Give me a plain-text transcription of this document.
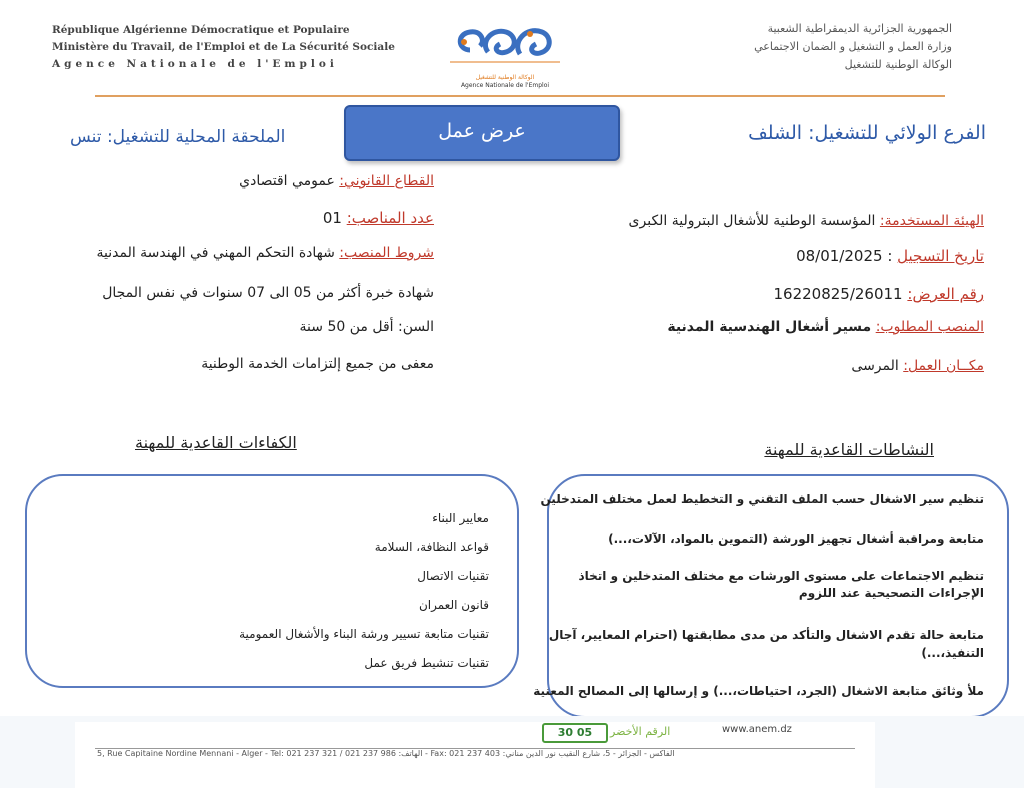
République Algérienne Démocratique et Populaire
Ministère du Travail, de l'Emploi et de La Sécurité Sociale
Agence Nationale de l'Emploi
الجمهورية الجزائرية الديمقراطية الشعبية
وزارة العمل و التشغيل و الضمان الاجتماعي
الوكالة الوطنية للتشغيل
الوكالة الوطنية للتشغيل
Agence Nationale de l'Emploi
عرض عمل	الفرع الولائي للتشغيل: الشلف
الملحقة المحلية للتشغيل: تنس
الهيئة المستخدمة: المؤسسة الوطنية للأشغال البترولية الكبرى
تاريخ التسجيل : 08/01/2025
رقم العرض: 16220825/26011
المنصب المطلوب: مسير أشغال الهندسية المدنية
مكــان العمل: المرسى
القطاع القانوني: عمومي اقتصادي
عدد المناصب: 01
شروط المنصب: شهادة التحكم المهني في الهندسة المدنية
شهادة خبرة أكثر من 05 الى 07 سنوات في نفس المجال
السن: أقل من 50 سنة
معفى من جميع إلتزامات الخدمة الوطنية
النشاطات القاعدية للمهنة
الكفاءات القاعدية للمهنة
تنظيم سير الاشغال حسب الملف التقني و التخطيط لعمل مختلف المتدخلين
متابعة ومراقبة أشغال تجهيز الورشة (التموين بالمواد، الآلات،...)
تنظيم الاجتماعات على مستوى الورشات مع مختلف المتدخلين و اتخاذ
الإجراءات التصحيحية عند اللزوم
متابعة حالة تقدم الاشغال والتأكد من مدى مطابقتها (احترام المعايير، آجال
التنفيذ،...)
ملأ وثائق متابعة الاشغال (الجرد، احتياطات،...) و إرسالها إلى المصالح المعنية
معايير البناء
قواعد النظافة، السلامة
تقنيات الاتصال
قانون العمران
تقنيات متابعة تسيير ورشة البناء والأشغال العمومية
تقنيات تنشيط فريق عمل
30 05	الرقم الأخضر	www.anem.dz
5, Rue Capitaine Nordine Mennani - Alger - Tel: 021 237 321 / 021 237 986 :الهاتف - Fax: 021 237 403 :الفاكس - الجزائر - 5، شارع النقيب نور الدين مناني
